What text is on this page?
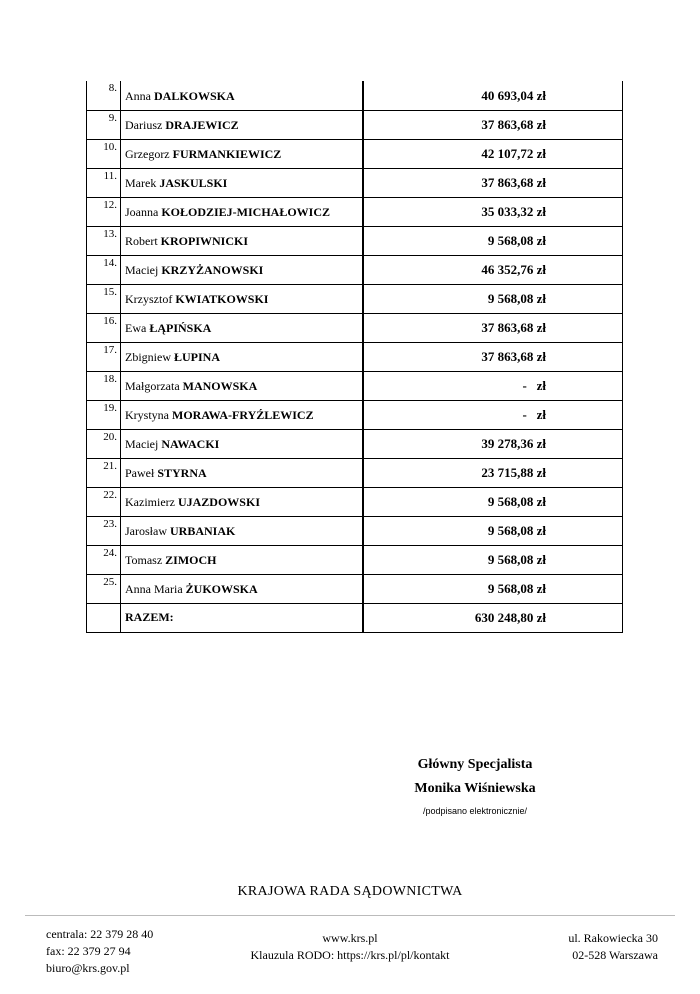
8.	Anna DALKOWSKA	40 693,04 zł
9.	Dariusz DRAJEWICZ	37 863,68 zł
10.	Grzegorz FURMANKIEWICZ	42 107,72 zł
11.	Marek JASKULSKI	37 863,68 zł
12.	Joanna KOŁODZIEJ-MICHAŁOWICZ	35 033,32 zł
13.	Robert KROPIWNICKI	9 568,08 zł
14.	Maciej KRZYŻANOWSKI	46 352,76 zł
15.	Krzysztof KWIATKOWSKI	9 568,08 zł
16.	Ewa ŁĄPIŃSKA	37 863,68 zł
17.	Zbigniew ŁUPINA	37 863,68 zł
18.	Małgorzata MANOWSKA	-   zł
19.	Krystyna MORAWA-FRYŹLEWICZ	-   zł
20.	Maciej NAWACKI	39 278,36 zł
21.	Paweł STYRNA	23 715,88 zł
22.	Kazimierz UJAZDOWSKI	9 568,08 zł
23.	Jarosław URBANIAK	9 568,08 zł
24.	Tomasz ZIMOCH	9 568,08 zł
25.	Anna Maria ŻUKOWSKA	9 568,08 zł
	RAZEM:	630 248,80 zł
Główny Specjalista
Monika Wiśniewska
/podpisano elektronicznie/
KRAJOWA RADA SĄDOWNICTWA
centrala: 22 379 28 40
fax: 22 379 27 94
biuro@krs.gov.pl
www.krs.pl
Klauzula RODO: https://krs.pl/pl/kontakt
ul. Rakowiecka 30
02-528 Warszawa
